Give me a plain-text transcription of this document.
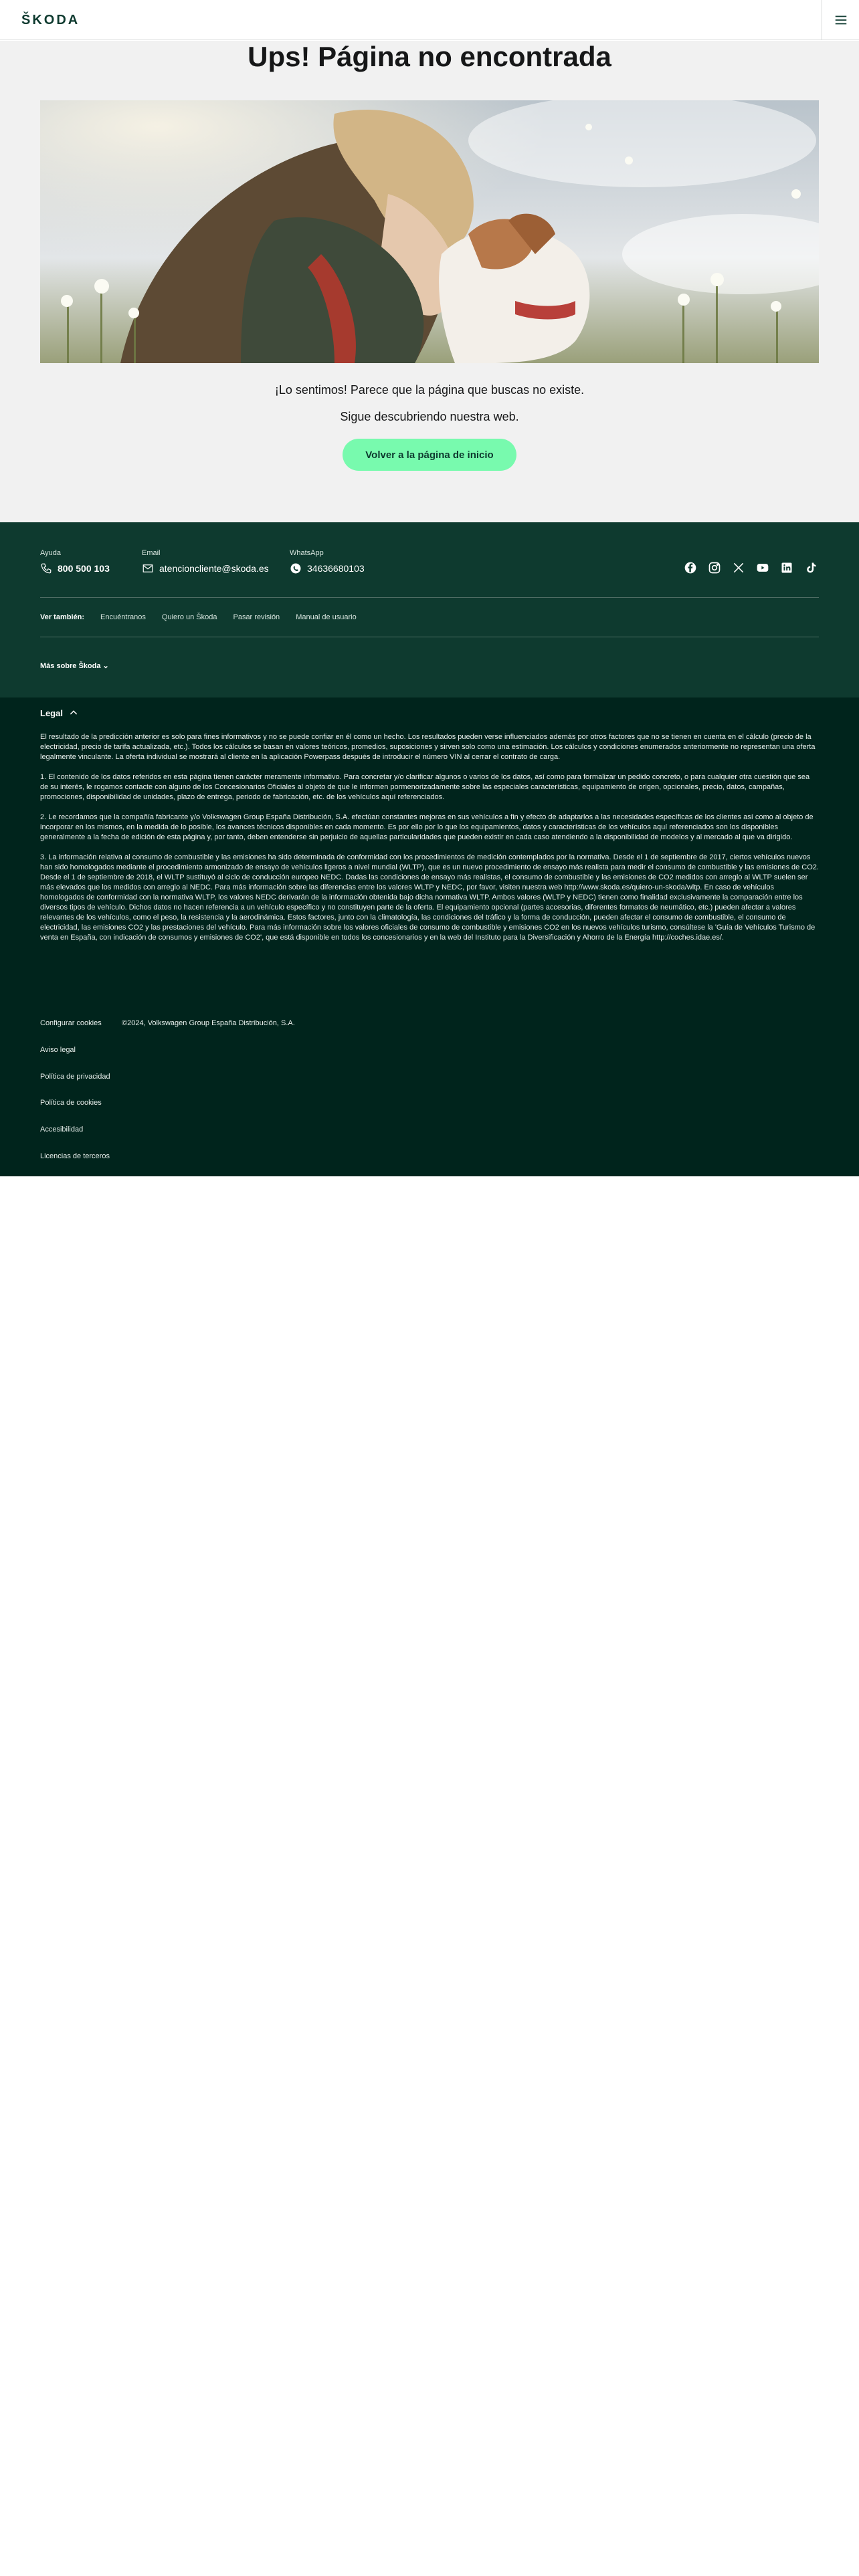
ŠKODA
Ups! Página no encontrada

¡Lo sentimos! Parece que la página que buscas no existe.

Sigue descubriendo nuestra web.

Volver a la página de inicio
Ayuda
800 500 103
Email
atencioncliente@skoda.es
WhatsApp
34636680103
Ver también: Encuéntranos Quiero un Škoda Pasar revisión Manual de usuario
Más sobre Škoda ⌄
Legal

El resultado de la predicción anterior es solo para fines informativos y no se puede confiar en él como un hecho. Los resultados pueden verse influenciados además por otros factores que no se tienen en cuenta en el cálculo (precio de la electricidad, precio de tarifa actualizada, etc.). Todos los cálculos se basan en valores teóricos, promedios, suposiciones y sirven solo como una estimación. Los cálculos y condiciones enumerados anteriormente no representan una oferta legalmente vinculante. La oferta individual se mostrará al cliente en la aplicación Powerpass después de introducir el número VIN al cerrar el contrato de carga.

1. El contenido de los datos referidos en esta página tienen carácter meramente informativo. Para concretar y/o clarificar algunos o varios de los datos, así como para formalizar un pedido concreto, o para cualquier otra cuestión que sea de su interés, le rogamos contacte con alguno de los Concesionarios Oficiales al objeto de que le informen pormenorizadamente sobre las especiales características, equipamiento de origen, opcionales, precio, datos, campañas, promociones, disponibilidad de unidades, plazo de entrega, periodo de fabricación, etc. de los vehículos aquí referenciados.

2. Le recordamos que la compañía fabricante y/o Volkswagen Group España Distribución, S.A. efectúan constantes mejoras en sus vehículos a fin y efecto de adaptarlos a las necesidades específicas de los clientes así como al objeto de incorporar en los mismos, en la medida de lo posible, los avances técnicos disponibles en cada momento. Es por ello por lo que los equipamientos, datos y características de los vehículos aquí referenciados son los disponibles generalmente a la fecha de edición de esta página y, por tanto, deben entenderse sin perjuicio de aquellas particularidades que pueden existir en cada caso atendiendo a la disponibilidad de modelos y al mercado al que va dirigido.

3. La información relativa al consumo de combustible y las emisiones ha sido determinada de conformidad con los procedimientos de medición contemplados por la normativa. Desde el 1 de septiembre de 2017, ciertos vehículos nuevos han sido homologados mediante el procedimiento armonizado de ensayo de vehículos ligeros a nivel mundial (WLTP), que es un nuevo procedimiento de ensayo más realista para medir el consumo de combustible y las emisiones de CO2. Desde el 1 de septiembre de 2018, el WLTP sustituyó al ciclo de conducción europeo NEDC. Dadas las condiciones de ensayo más realistas, el consumo de combustible y las emisiones de CO2 medidos con arreglo al WLTP suelen ser más elevados que los medidos con arreglo al NEDC. Para más información sobre las diferencias entre los valores WLTP y NEDC, por favor, visiten nuestra web http://www.skoda.es/quiero-un-skoda/wltp. En caso de vehículos homologados de conformidad con la normativa WLTP, los valores NEDC derivarán de la información obtenida bajo dicha normativa WLTP. Ambos valores (WLTP y NEDC) tienen como finalidad exclusivamente la comparación entre los diversos tipos de vehículo. Dichos datos no hacen referencia a un vehículo específico y no constituyen parte de la oferta. El equipamiento opcional (partes accesorias, diferentes formatos de neumático, etc.) pueden afectar a valores relevantes de los vehículos, como el peso, la resistencia y la aerodinámica. Estos factores, junto con la climatología, las condiciones del tráfico y la forma de conducción, pueden afectar el consumo de combustible, el consumo de electricidad, las emisiones CO2 y las prestaciones del vehículo. Para más información sobre los valores oficiales de consumo de combustible y emisiones CO2 en los nuevos vehículos turismo, consúltese la 'Guía de Vehículos Turismo de venta en España, con indicación de consumos y emisiones de CO2', que está disponible en todos los concesionarios y en la web del Instituto para la Diversificación y Ahorro de la Energía http://coches.idae.es/.

Configurar cookies	©2024, Volkswagen Group España Distribución, S.A.
Aviso legal
Política de privacidad
Política de cookies
Accesibilidad
Licencias de terceros
